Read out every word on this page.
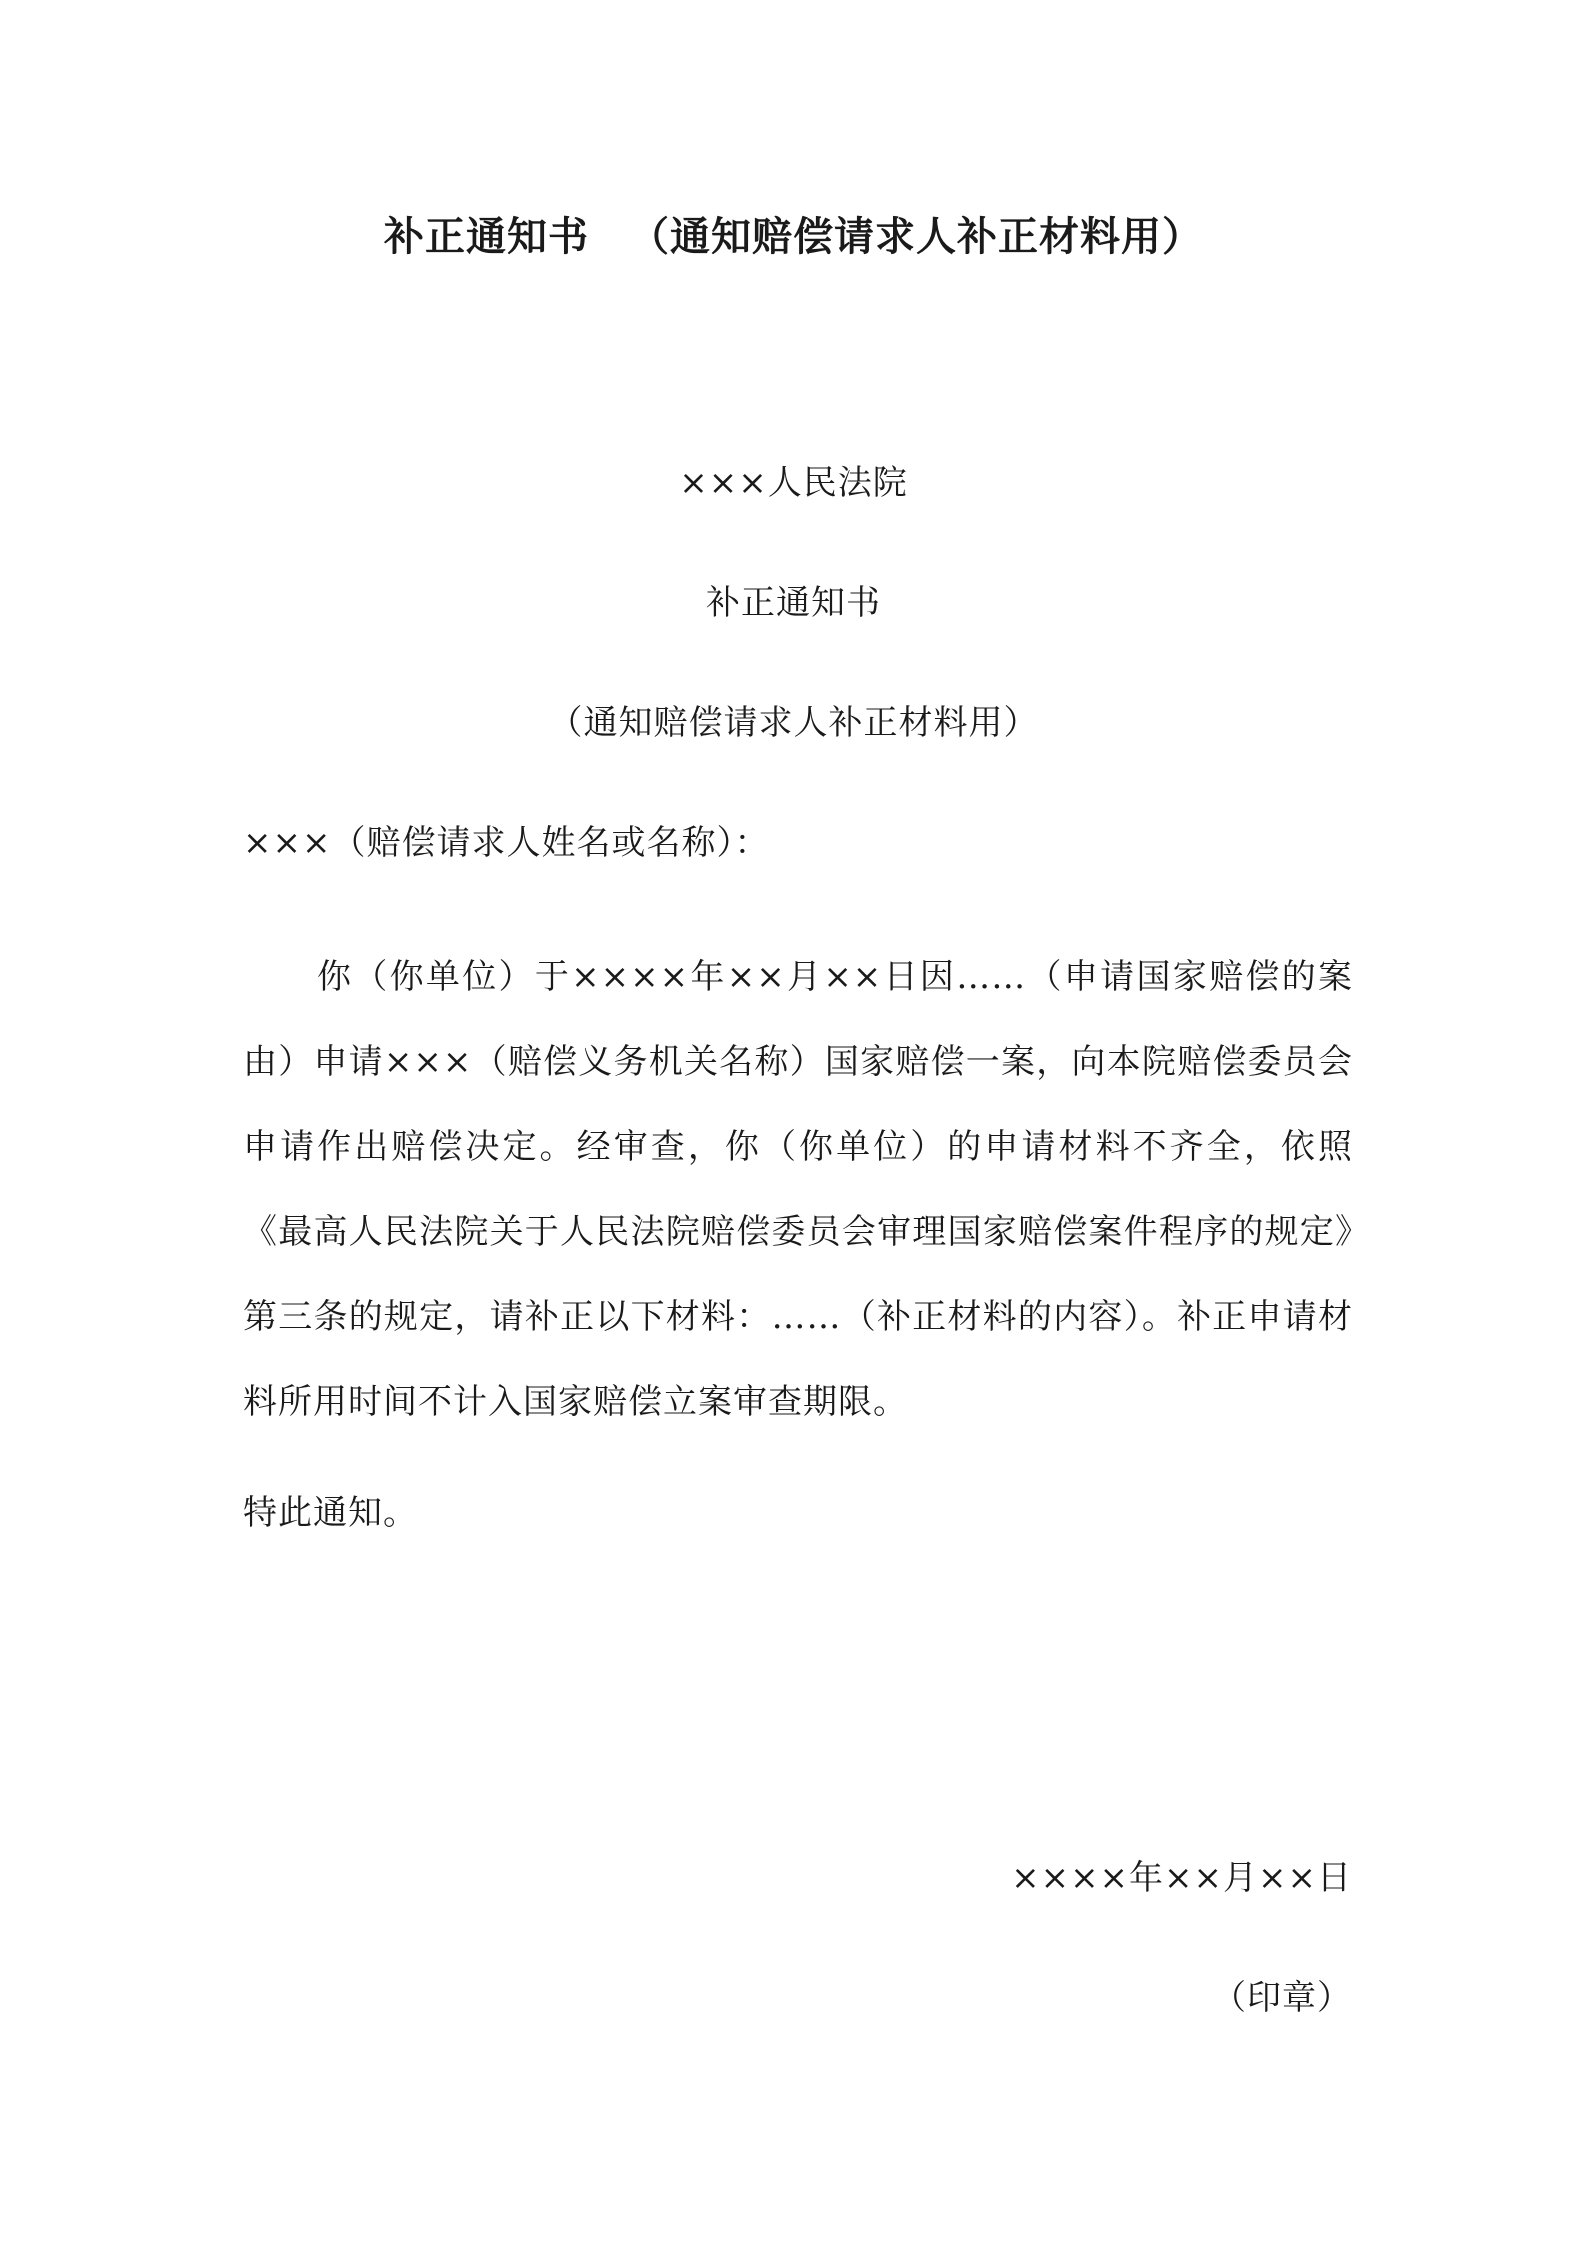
补正通知书 （通知赔偿请求人补正材料用）
×××人民法院
补正通知书
（通知赔偿请求人补正材料用）
×××（赔偿请求人姓名或名称）：

你（你单位）于××××年××月××日因……（申请国家赔偿的案由）申请×××（赔偿义务机关名称）国家赔偿一案，向本院赔偿委员会申请作出赔偿决定。经审查，你（你单位）的申请材料不齐全，依照《最高人民法院关于人民法院赔偿委员会审理国家赔偿案件程序的规定》第三条的规定，请补正以下材料：……（补正材料的内容）。补正申请材料所用时间不计入国家赔偿立案审查期限。

特此通知。
××××年××月××日
（印章）
